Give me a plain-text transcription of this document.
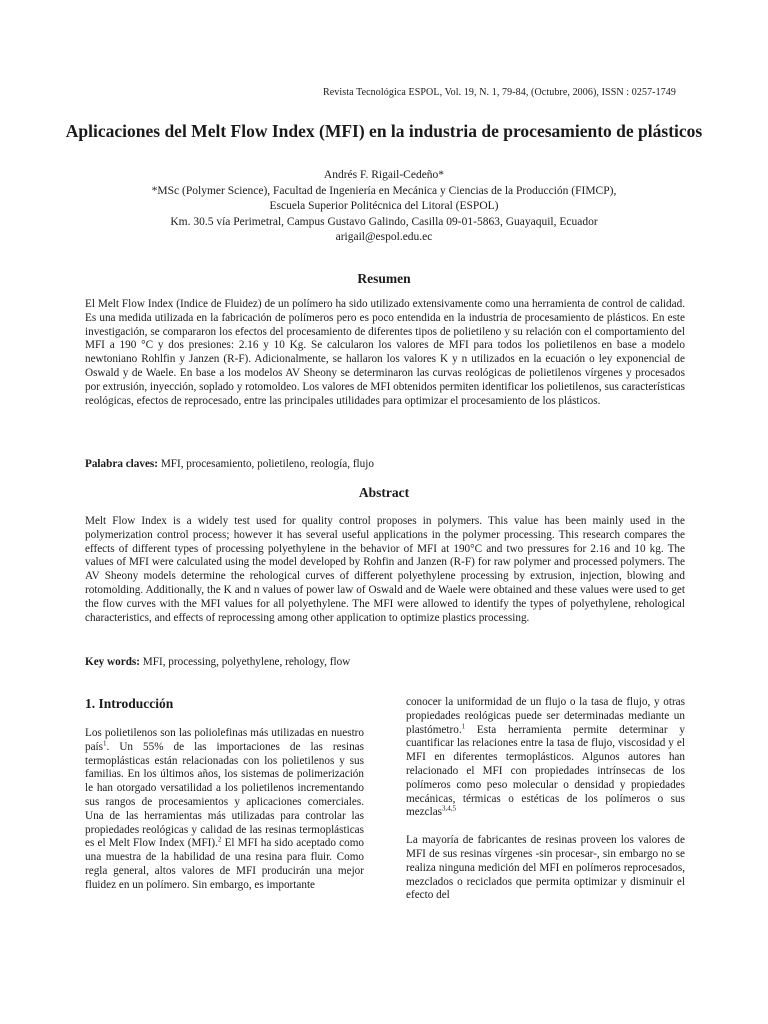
Revista Tecnológica ESPOL, Vol. 19, N. 1, 79-84, (Octubre, 2006), ISSN : 0257-1749
Aplicaciones del Melt Flow Index (MFI) en la industria de procesamiento de plásticos
Andrés F. Rigail-Cedeño*
*MSc (Polymer Science), Facultad de Ingeniería en Mecánica y Ciencias de la Producción (FIMCP),
Escuela Superior Politécnica del Litoral (ESPOL)
Km. 30.5 vía Perimetral, Campus Gustavo Galindo, Casilla 09-01-5863, Guayaquil, Ecuador
arigail@espol.edu.ec
Resumen
El Melt Flow Index (Indice de Fluidez) de un polímero ha sido utilizado extensivamente como una herramienta de control de calidad. Es una medida utilizada en la fabricación de polímeros pero es poco entendida en la industria de procesamiento de plásticos. En este investigación, se compararon los efectos del procesamiento de diferentes tipos de polietileno y su relación con el comportamiento del MFI a 190 °C y dos presiones: 2.16 y 10 Kg. Se calcularon los valores de MFI para todos los polietilenos en base a modelo newtoniano Rohlfin y Janzen (R-F). Adicionalmente, se hallaron los valores K y n utilizados en la ecuación o ley exponencial de Oswald y de Waele. En base a los modelos AV Sheony se determinaron las curvas reológicas de polietilenos vírgenes y procesados por extrusión, inyección, soplado y rotomoldeo. Los valores de MFI obtenidos permiten identificar los polietilenos, sus características reológicas, efectos de reprocesado, entre las principales utilidades para optimizar el procesamiento de los plásticos.
Palabra claves: MFI, procesamiento, polietileno, reología, flujo
Abstract
Melt Flow Index is a widely test used for quality control proposes in polymers. This value has been mainly used in the polymerization control process; however it has several useful applications in the polymer processing. This research compares the effects of different types of processing polyethylene in the behavior of MFI at 190°C and two pressures for 2.16 and 10 kg. The values of MFI were calculated using the model developed by Rohfin and Janzen (R-F) for raw polymer and processed polymers. The AV Sheony models determine the rehological curves of different polyethylene processing by extrusion, injection, blowing and rotomolding. Additionally, the K and n values of power law of Oswald and de Waele were obtained and these values were used to get the flow curves with the MFI values for all polyethylene. The MFI were allowed to identify the types of polyethylene, rehological characteristics, and effects of reprocessing among other application to optimize plastics processing.
Key words: MFI, processing, polyethylene, rehology, flow
1. Introducción

Los polietilenos son las poliolefinas más utilizadas en nuestro país$^1$. Un 55% de las importaciones de las resinas termoplásticas están relacionadas con los polietilenos y sus familias. En los últimos años, los sistemas de polimerización le han otorgado versatilidad a los polietilenos incrementando sus rangos de procesamientos y aplicaciones comerciales. Una de las herramientas más utilizadas para controlar las propiedades reológicas y calidad de las resinas termoplásticas es el Melt Flow Index (MFI).$^2$ El MFI ha sido aceptado como una muestra de la habilidad de una resina para fluir. Como regla general, altos valores de MFI producirán una mejor fluidez en un polímero. Sin embargo, es importante

conocer la uniformidad de un flujo o la tasa de flujo, y otras propiedades reológicas puede ser determinadas mediante un plastómetro.$^1$ Esta herramienta permite determinar y cuantificar las relaciones entre la tasa de flujo, viscosidad y el MFI en diferentes termoplásticos. Algunos autores han relacionado el MFI con propiedades intrínsecas de los polímeros como peso molecular o densidad y propiedades mecánicas, térmicas o estéticas de los polímeros o sus mezclas$^{3,4,5}$

La mayoría de fabricantes de resinas proveen los valores de MFI de sus resinas vírgenes -sin procesar-, sin embargo no se realiza ninguna medición del MFI en polímeros reprocesados, mezclados o reciclados que permita optimizar y disminuir el efecto del
